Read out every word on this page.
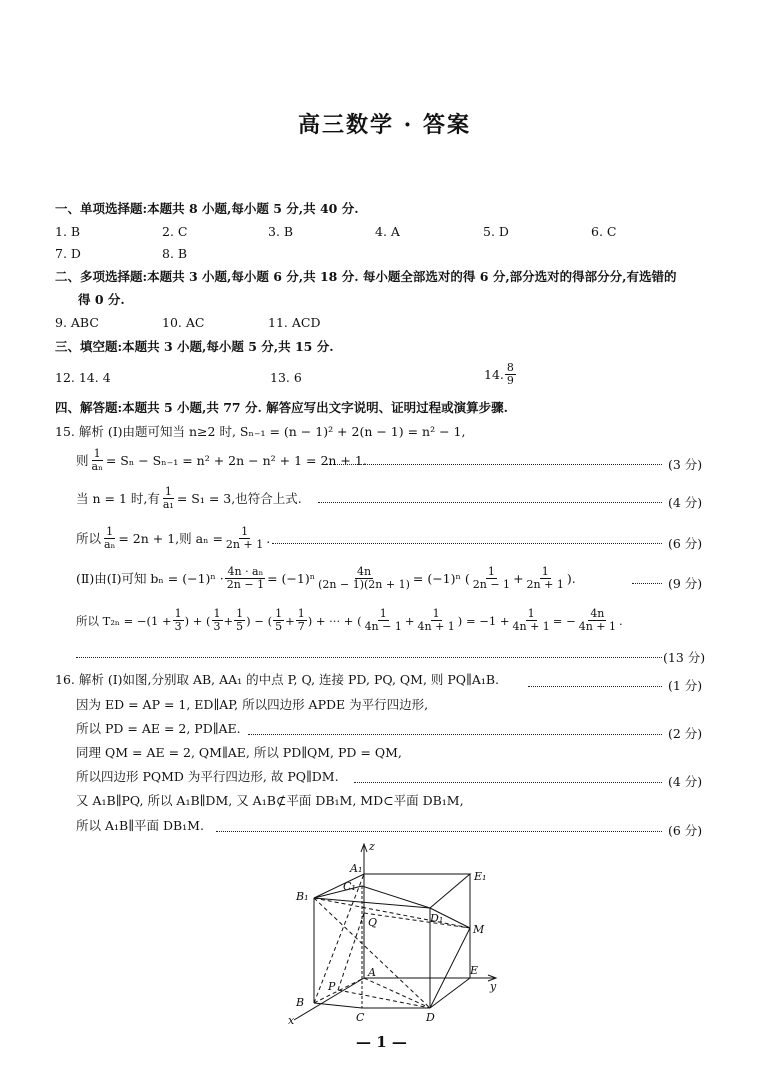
高三数学 · 答案
一、单项选择题:本题共 8 小题,每小题 5 分,共 40 分.
1. B	2. C	3. B	4. A	5. D	6. C
7. D	8. B
二、多项选择题:本题共 3 小题,每小题 6 分,共 18 分. 每小题全部选对的得 6 分,部分选对的得部分分,有选错的
得 0 分.
9. ABC	10. AC	11. ACD
三、填空题:本题共 3 小题,每小题 5 分,共 15 分.
12. 14. 4	13. 6	14. $\frac{8}{9}$
四、解答题:本题共 5 小题,共 77 分. 解答应写出文字说明、证明过程或演算步骤.
15. 解析 (Ⅰ)由题可知当 n≥2 时, Sₙ₋₁ = (n − 1)² + 2(n − 1) = n² − 1,
则 $\frac{1}{\text{aₙ}} = S_n - S_{n-1} = n^2 + 2n - n^2 + 1 = 2n + 1$.	(3 分)
当 n = 1 时,有 $\frac{1}{\text{a₁}} = S_1 = 3$,也符合上式.	(4 分)
所以 $\frac{1}{\text{aₙ}} = 2n + 1$,则 $a_n = \frac{1}{2n + 1}$ .	(6 分)
(Ⅱ)由(Ⅰ)可知 $b_n = (-1)^n \cdot \frac{\text{4n · aₙ}}{2n - 1} = (-1)^n \frac{4n}{(2n - 1)(2n + 1)} = (-1)^n$ ( $\frac{1}{2n - 1} + \frac{1}{2n + 1}$ ).	(9 分)
所以 $T_{2n} = -(1 + \frac{1}{3}$ ) + ( $\frac{1}{3} + \frac{1}{5}$ ) − ( $\frac{1}{5} + \frac{1}{7}$ ) + ··· + ( $\frac{1}{4n - 1} + \frac{1}{4n + 1}$ ) = $-1 + \frac{1}{4n + 1}$ = − $\frac{4n}{4n + 1}$ .
(13 分)
16. 解析 (Ⅰ)如图,分别取 AB, AA₁ 的中点 P, Q, 连接 PD, PQ, QM, 则 PQ∥A₁B.	(1 分)
因为 ED = AP = 1, ED∥AP, 所以四边形 APDE 为平行四边形,
所以 PD = AE = 2, PD∥AE.	(2 分)
同理 QM = AE = 2, QM∥AE, 所以 PD∥QM, PD = QM,
所以四边形 PQMD 为平行四边形, 故 PQ∥DM.	(4 分)
又 A₁B∥PQ, 所以 A₁B∥DM, 又 A₁B⊄平面 DB₁M, MD⊂平面 DB₁M,
所以 A₁B∥平面 DB₁M.	(6 分)
z
A₁
E₁
C₁
B₁
D₁
Q
M
A	E
y
P
B
x	C	D
— 1 —
